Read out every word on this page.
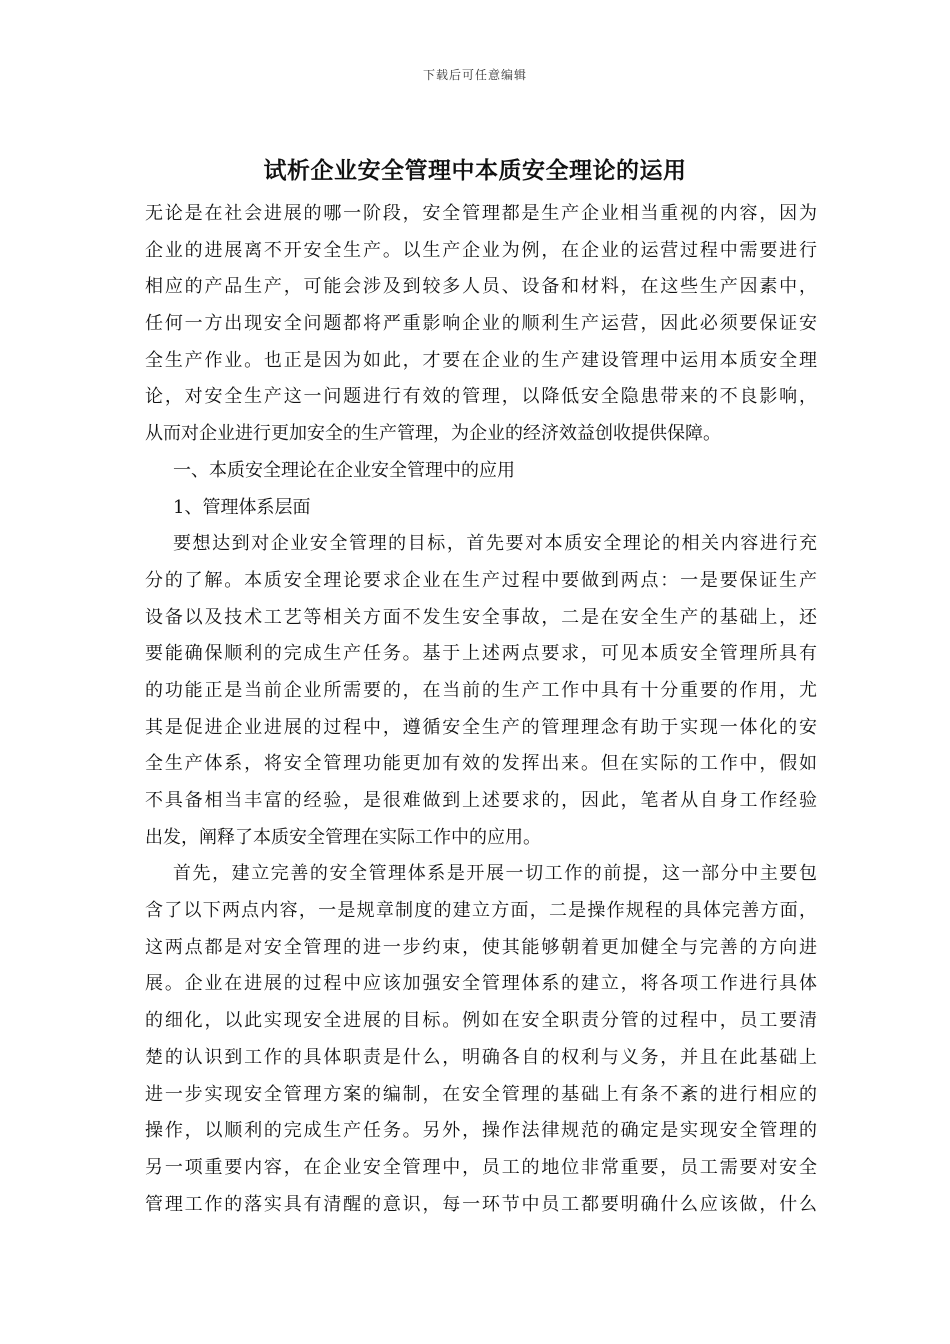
下载后可任意编辑
试析企业安全管理中本质安全理论的运用
无论是在社会进展的哪一阶段，安全管理都是生产企业相当重视的内容，因为
企业的进展离不开安全生产。以生产企业为例，在企业的运营过程中需要进行
相应的产品生产，可能会涉及到较多人员、设备和材料，在这些生产因素中，
任何一方出现安全问题都将严重影响企业的顺利生产运营，因此必须要保证安
全生产作业。也正是因为如此，才要在企业的生产建设管理中运用本质安全理
论，对安全生产这一问题进行有效的管理，以降低安全隐患带来的不良影响，
从而对企业进行更加安全的生产管理，为企业的经济效益创收提供保障。
一、本质安全理论在企业安全管理中的应用
1、管理体系层面
要想达到对企业安全管理的目标，首先要对本质安全理论的相关内容进行充
分的了解。本质安全理论要求企业在生产过程中要做到两点：一是要保证生产
设备以及技术工艺等相关方面不发生安全事故，二是在安全生产的基础上，还
要能确保顺利的完成生产任务。基于上述两点要求，可见本质安全管理所具有
的功能正是当前企业所需要的，在当前的生产工作中具有十分重要的作用，尤
其是促进企业进展的过程中，遵循安全生产的管理理念有助于实现一体化的安
全生产体系，将安全管理功能更加有效的发挥出来。但在实际的工作中，假如
不具备相当丰富的经验，是很难做到上述要求的，因此，笔者从自身工作经验
出发，阐释了本质安全管理在实际工作中的应用。
首先，建立完善的安全管理体系是开展一切工作的前提，这一部分中主要包
含了以下两点内容，一是规章制度的建立方面，二是操作规程的具体完善方面，
这两点都是对安全管理的进一步约束，使其能够朝着更加健全与完善的方向进
展。企业在进展的过程中应该加强安全管理体系的建立，将各项工作进行具体
的细化，以此实现安全进展的目标。例如在安全职责分管的过程中，员工要清
楚的认识到工作的具体职责是什么，明确各自的权利与义务，并且在此基础上
进一步实现安全管理方案的编制，在安全管理的基础上有条不紊的进行相应的
操作，以顺利的完成生产任务。另外，操作法律规范的确定是实现安全管理的
另一项重要内容，在企业安全管理中，员工的地位非常重要，员工需要对安全
管理工作的落实具有清醒的意识，每一环节中员工都要明确什么应该做，什么
